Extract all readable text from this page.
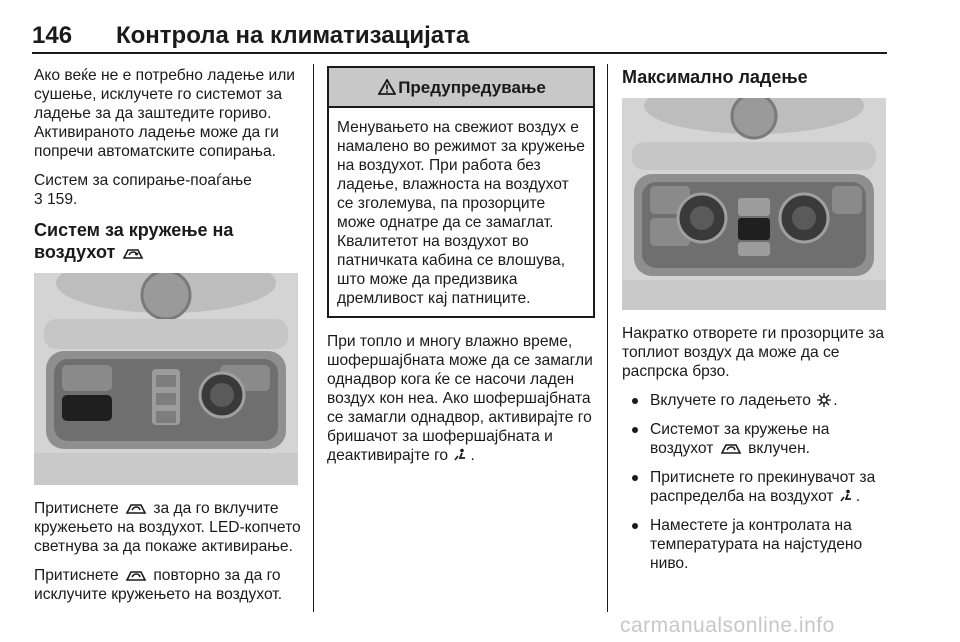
146 Контрола на климатизацијата

Ако веќе не е потребно ладење или сушење, исклучете го системот за ладење за да заштедите гориво. Активираното ладење може да ги попречи автоматските сопирања.

Систем за сопирање-поаѓање
3 159.

Систем за кружење на воздухот

Притиснете за да го вклучите кружењето на воздухот. LED-копчето светнува за да покаже активирање.

Притиснете повторно за да го исклучите кружењето на воздухот.

Предупредување
Менувањето на свежиот воздух е намалено во режимот за кружење на воздухот. При работа без ладење, влажноста на воздухот се зголемува, па прозорците може однатре да се замаглат. Квалитетот на воздухот во патничката кабина се влошува, што може да предизвика дремливост кај патниците.

При топло и многу влажно време, шофершајбната може да се замагли однадвор кога ќе се насочи ладен воздух кон неа. Ако шофершајбната се замагли однадвор, активирајте го бришачот за шофершајбната и деактивирајте го .

Максимално ладење

Накратко отворете ги прозорците за топлиот воздух да може да се распрска брзо.

Вклучете го ладењето .
Системот за кружење на воздухот вклучен.
Притиснете го прекинувачот за распределба на воздухот .
Наместете ја контролата на температурата на најстудено ниво.
carmanualsonline.info
